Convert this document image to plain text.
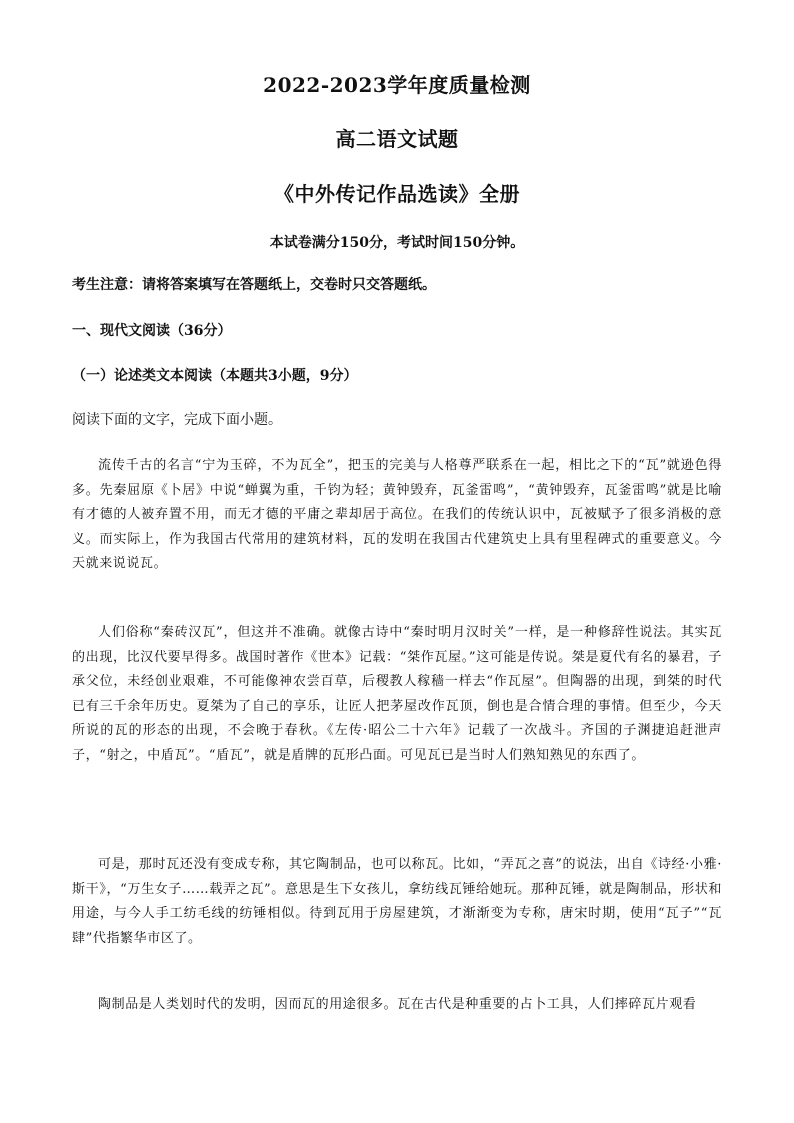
2022-2023学年度质量检测
高二语文试题
《中外传记作品选读》全册
本试卷满分150分，考试时间150分钟。
考生注意：请将答案填写在答题纸上，交卷时只交答题纸。
一、现代文阅读（36分）
（一）论述类文本阅读（本题共3小题，9分）
阅读下面的文字，完成下面小题。

流传千古的名言“宁为玉碎，不为瓦全”，把玉的完美与人格尊严联系在一起，相比之下的“瓦”就逊色得多。先秦屈原《卜居》中说“蝉翼为重，千钧为轻；黄钟毁弃，瓦釜雷鸣”，“黄钟毁弃，瓦釜雷鸣”就是比喻有才德的人被弃置不用，而无才德的平庸之辈却居于高位。在我们的传统认识中，瓦被赋予了很多消极的意义。而实际上，作为我国古代常用的建筑材料，瓦的发明在我国古代建筑史上具有里程碑式的重要意义。今天就来说说瓦。

人们俗称“秦砖汉瓦”，但这并不准确。就像古诗中“秦时明月汉时关”一样，是一种修辞性说法。其实瓦的出现，比汉代要早得多。战国时著作《世本》记载：“桀作瓦屋。”这可能是传说。桀是夏代有名的暴君，子承父位，未经创业艰难，不可能像神农尝百草，后稷教人稼穑一样去“作瓦屋”。但陶器的出现，到桀的时代已有三千余年历史。夏桀为了自己的享乐，让匠人把茅屋改作瓦顶，倒也是合情合理的事情。但至少，今天所说的瓦的形态的出现，不会晚于春秋。《左传·昭公二十六年》记载了一次战斗。齐国的子渊捷追赶泄声子，“射之，中盾瓦”。“盾瓦”，就是盾牌的瓦形凸面。可见瓦已是当时人们熟知熟见的东西了。

可是，那时瓦还没有变成专称，其它陶制品，也可以称瓦。比如，“弄瓦之喜”的说法，出自《诗经·小雅·斯干》，“万生女子……载弄之瓦”。意思是生下女孩儿，拿纺线瓦锤给她玩。那种瓦锤，就是陶制品，形状和用途，与今人手工纺毛线的纺锤相似。待到瓦用于房屋建筑，才渐渐变为专称，唐宋时期，使用“瓦子”“瓦肆”代指繁华市区了。

陶制品是人类划时代的发明，因而瓦的用途很多。瓦在古代是种重要的占卜工具，人们摔碎瓦片观看
